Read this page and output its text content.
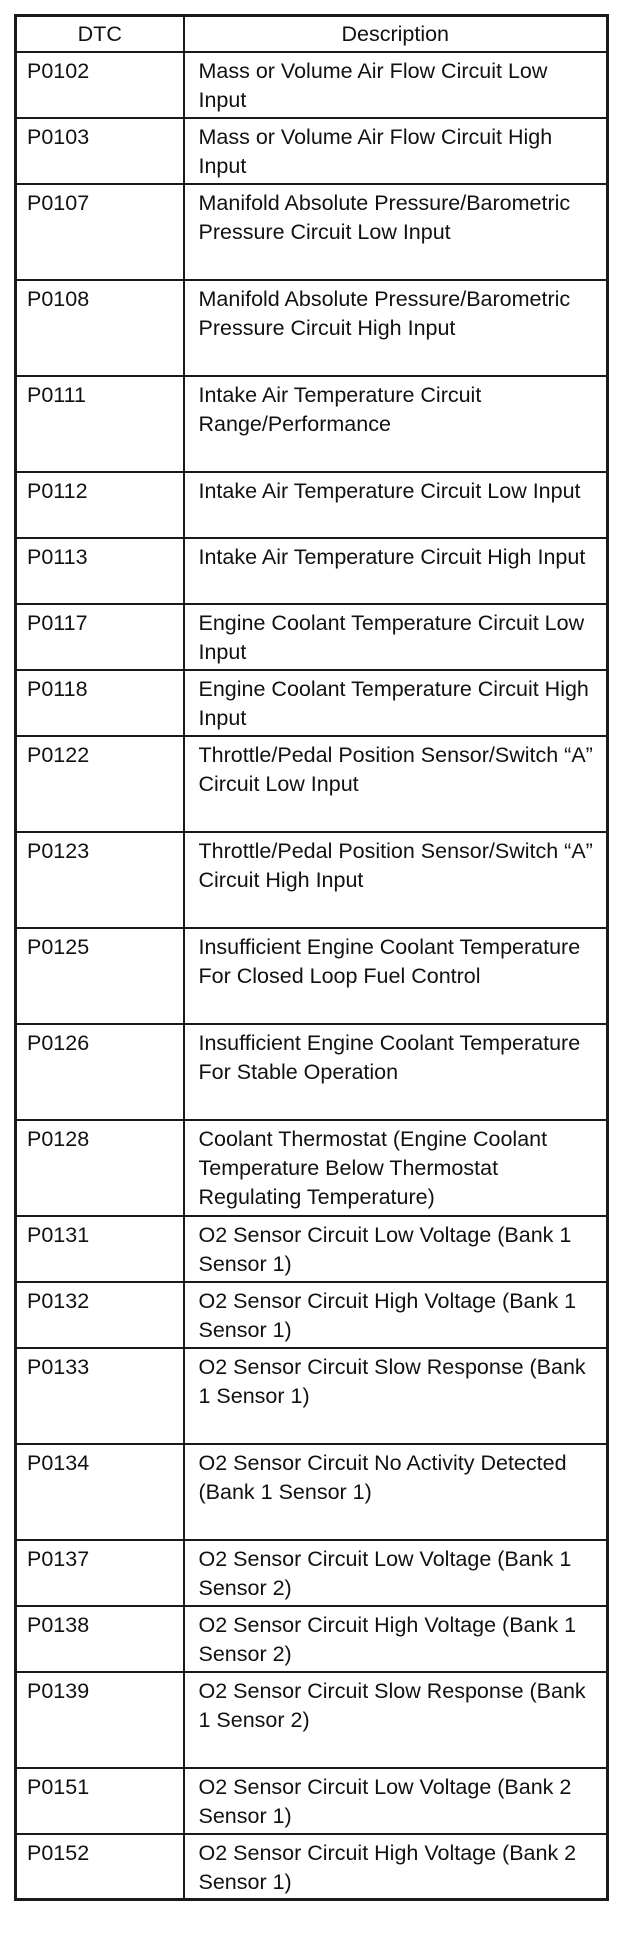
DTC	Description
P0102	Mass or Volume Air Flow Circuit Low Input
P0103	Mass or Volume Air Flow Circuit High Input
P0107	Manifold Absolute Pressure/Barometric Pressure Circuit Low Input
P0108	Manifold Absolute Pressure/Barometric Pressure Circuit High Input
P0111	Intake Air Temperature Circuit Range/Performance
P0112	Intake Air Temperature Circuit Low Input
P0113	Intake Air Temperature Circuit High Input
P0117	Engine Coolant Temperature Circuit Low Input
P0118	Engine Coolant Temperature Circuit High Input
P0122	Throttle/Pedal Position Sensor/Switch “A” Circuit Low Input
P0123	Throttle/Pedal Position Sensor/Switch “A” Circuit High Input
P0125	Insufficient Engine Coolant Temperature For Closed Loop Fuel Control
P0126	Insufficient Engine Coolant Temperature For Stable Operation
P0128	Coolant Thermostat (Engine Coolant Temperature Below Thermostat Regulating Temperature)
P0131	O2 Sensor Circuit Low Voltage (Bank 1 Sensor 1)
P0132	O2 Sensor Circuit High Voltage (Bank 1 Sensor 1)
P0133	O2 Sensor Circuit Slow Response (Bank 1 Sensor 1)
P0134	O2 Sensor Circuit No Activity Detected (Bank 1 Sensor 1)
P0137	O2 Sensor Circuit Low Voltage (Bank 1 Sensor 2)
P0138	O2 Sensor Circuit High Voltage (Bank 1 Sensor 2)
P0139	O2 Sensor Circuit Slow Response (Bank 1 Sensor 2)
P0151	O2 Sensor Circuit Low Voltage (Bank 2 Sensor 1)
P0152	O2 Sensor Circuit High Voltage (Bank 2 Sensor 1)
